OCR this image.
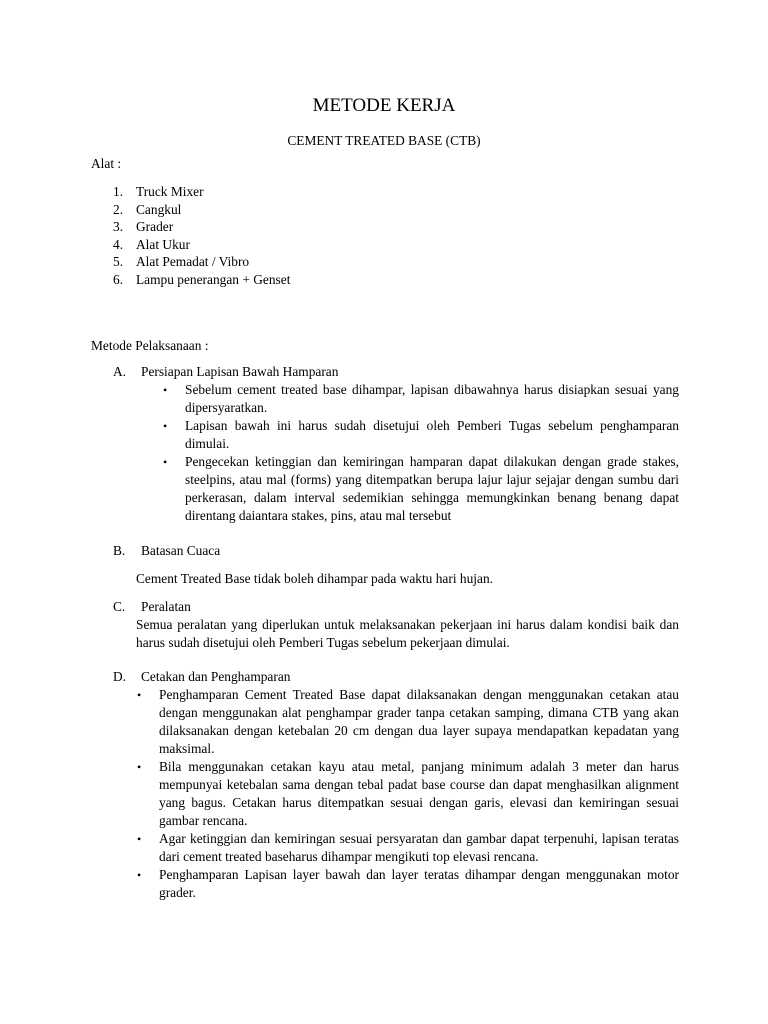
METODE KERJA
CEMENT TREATED BASE (CTB)
Alat :
1. Truck Mixer
2. Cangkul
3. Grader
4. Alat Ukur
5. Alat Pemadat / Vibro
6. Lampu penerangan + Genset
Metode Pelaksanaan :
A. Persiapan Lapisan Bawah Hamparan
• Sebelum cement treated base dihampar, lapisan dibawahnya harus disiapkan sesuai yang dipersyaratkan.
• Lapisan bawah ini harus sudah disetujui oleh Pemberi Tugas sebelum penghamparan dimulai.
• Pengecekan ketinggian dan kemiringan hamparan dapat dilakukan dengan grade stakes, steelpins, atau mal (forms) yang ditempatkan berupa lajur lajur sejajar dengan sumbu dari perkerasan, dalam interval sedemikian sehingga memungkinkan benang benang dapat direntang daiantara stakes, pins, atau mal tersebut
B. Batasan Cuaca
Cement Treated Base tidak boleh dihampar pada waktu hari hujan.
C. Peralatan
Semua peralatan yang diperlukan untuk melaksanakan pekerjaan ini harus dalam kondisi baik dan harus sudah disetujui oleh Pemberi Tugas sebelum pekerjaan dimulai.
D. Cetakan dan Penghamparan
• Penghamparan Cement Treated Base dapat dilaksanakan dengan menggunakan cetakan atau dengan menggunakan alat penghampar grader tanpa cetakan samping, dimana CTB yang akan dilaksanakan dengan ketebalan 20 cm dengan dua layer supaya mendapatkan kepadatan yang maksimal.
• Bila menggunakan cetakan kayu atau metal, panjang minimum adalah 3 meter dan harus mempunyai ketebalan sama dengan tebal padat base course dan dapat menghasilkan alignment yang bagus. Cetakan harus ditempatkan sesuai dengan garis, elevasi dan kemiringan sesuai gambar rencana.
• Agar ketinggian dan kemiringan sesuai persyaratan dan gambar dapat terpenuhi, lapisan teratas dari cement treated baseharus dihampar mengikuti top elevasi rencana.
• Penghamparan Lapisan layer bawah dan layer teratas dihampar dengan menggunakan motor grader.
